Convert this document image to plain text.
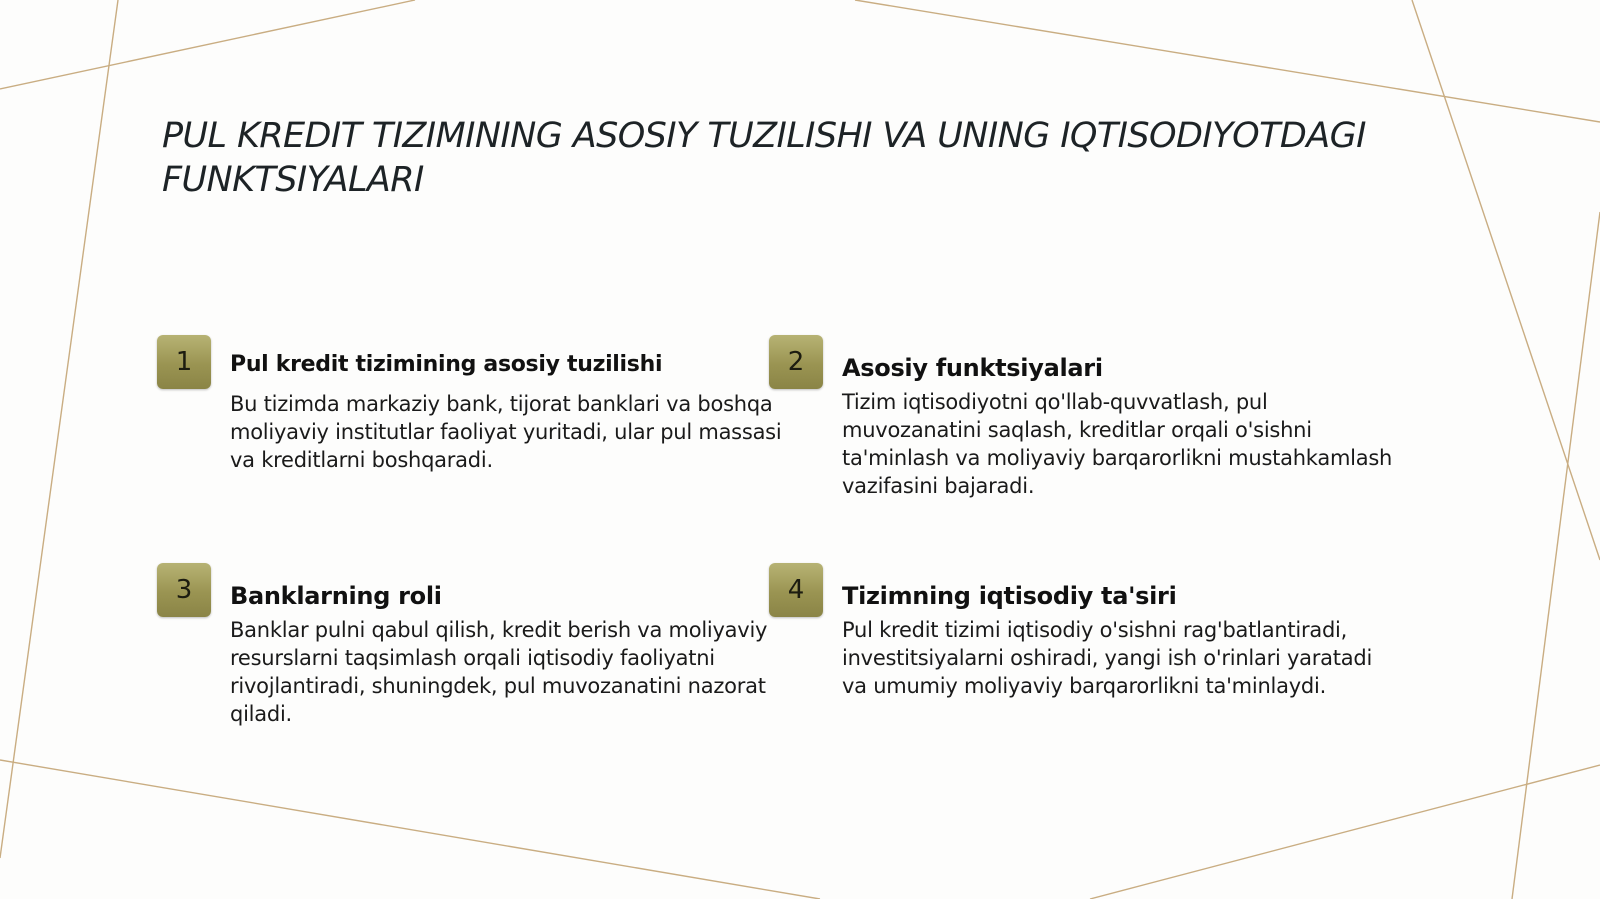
PUL KREDIT TIZIMINING ASOSIY TUZILISHI VA UNING IQTISODIYOTDAGI FUNKTSIYALARI
1	Pul kredit tizimining asosiy tuzilishi

Bu tizimda markaziy bank, tijorat banklari va boshqa moliyaviy institutlar faoliyat yuritadi, ular pul massasi va kreditlarni boshqaradi.

2	Asosiy funktsiyalari

Tizim iqtisodiyotni qo'llab-quvvatlash, pul muvozanatini saqlash, kreditlar orqali o'sishni ta'minlash va moliyaviy barqarorlikni mustahkamlash vazifasini bajaradi.

3	Banklarning roli

Banklar pulni qabul qilish, kredit berish va moliyaviy resurslarni taqsimlash orqali iqtisodiy faoliyatni rivojlantiradi, shuningdek, pul muvozanatini nazorat qiladi.

4	Tizimning iqtisodiy ta'siri

Pul kredit tizimi iqtisodiy o'sishni rag'batlantiradi, investitsiyalarni oshiradi, yangi ish o'rinlari yaratadi va umumiy moliyaviy barqarorlikni ta'minlaydi.
